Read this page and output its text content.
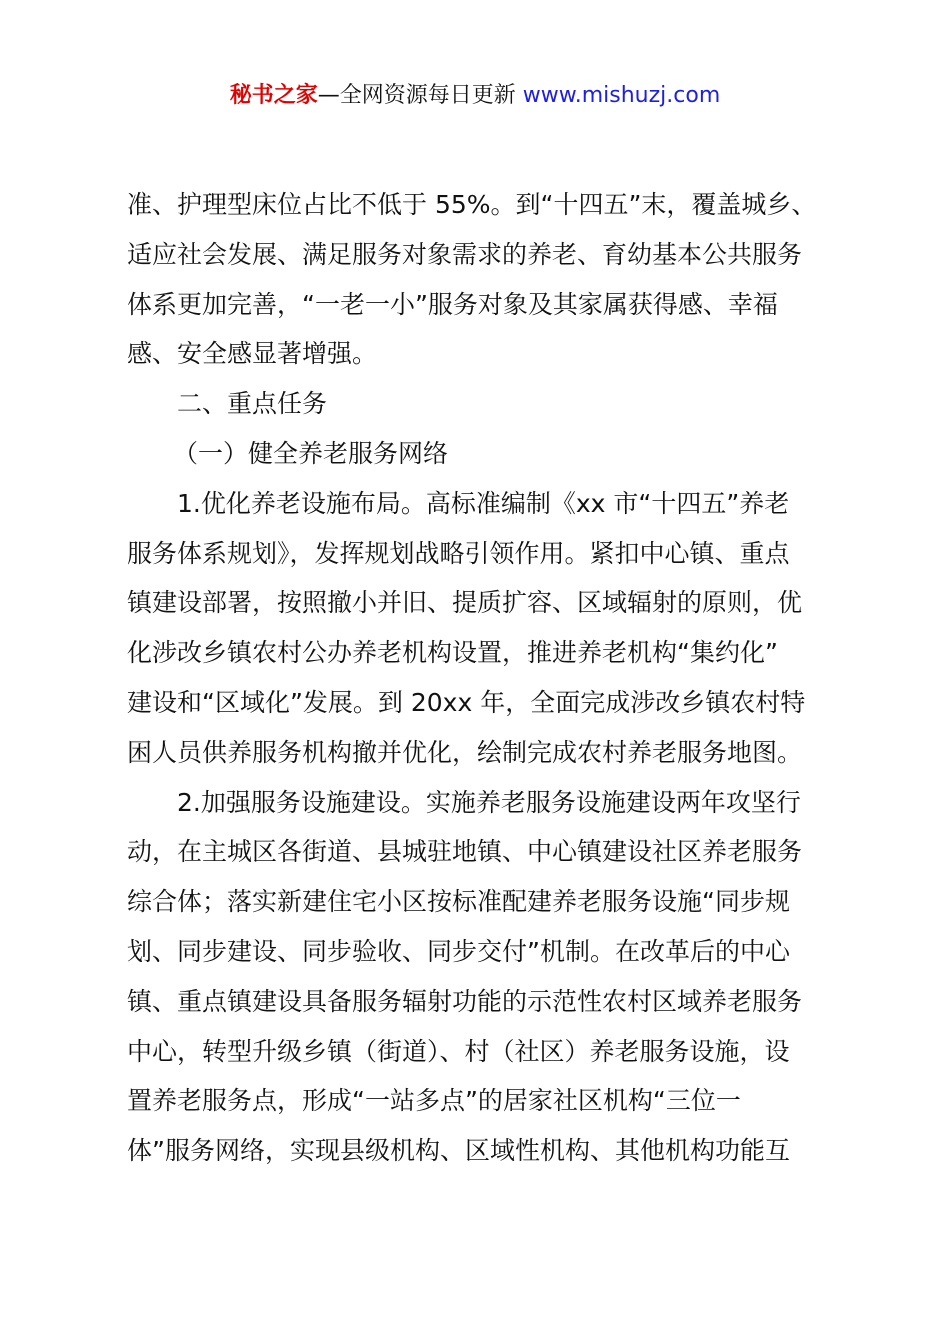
秘书之家—全网资源每日更新 www.mishuzj.com
准、护理型床位占比不低于 55%。到“十四五”末，覆盖城乡、
适应社会发展、满足服务对象需求的养老、育幼基本公共服务
体系更加完善，“一老一小”服务对象及其家属获得感、幸福
感、安全感显著增强。
二、重点任务
（一）健全养老服务网络
1.优化养老设施布局。高标准编制《xx 市“十四五”养老
服务体系规划》，发挥规划战略引领作用。紧扣中心镇、重点
镇建设部署，按照撤小并旧、提质扩容、区域辐射的原则，优
化涉改乡镇农村公办养老机构设置，推进养老机构“集约化”
建设和“区域化”发展。到 20xx 年，全面完成涉改乡镇农村特
困人员供养服务机构撤并优化，绘制完成农村养老服务地图。
2.加强服务设施建设。实施养老服务设施建设两年攻坚行
动，在主城区各街道、县城驻地镇、中心镇建设社区养老服务
综合体；落实新建住宅小区按标准配建养老服务设施“同步规
划、同步建设、同步验收、同步交付”机制。在改革后的中心
镇、重点镇建设具备服务辐射功能的示范性农村区域养老服务
中心，转型升级乡镇（街道）、村（社区）养老服务设施，设
置养老服务点，形成“一站多点”的居家社区机构“三位一
体”服务网络，实现县级机构、区域性机构、其他机构功能互
